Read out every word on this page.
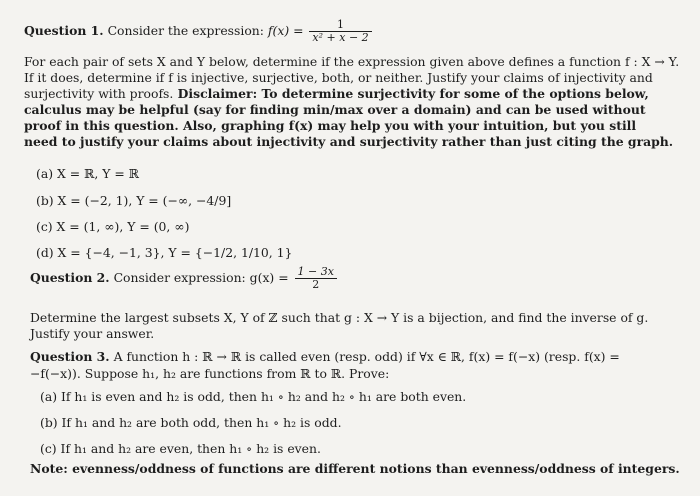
Question 1. Consider the expression: $f(x) = \frac{1}{\text{x² + x − 2}}$
For each pair of sets X and Y below, determine if the expression given above defines a function f : X → Y.
If it does, determine if f is injective, surjective, both, or neither. Justify your claims of injectivity and
surjectivity with proofs. Disclaimer: To determine surjectivity for some of the options below,
calculus may be helpful (say for finding min/max over a domain) and can be used without
proof in this question. Also, graphing f(x) may help you with your intuition, but you still
need to justify your claims about injectivity and surjectivity rather than just citing the graph.
(a) X = ℝ, Y = ℝ
(b) X = (−2, 1), Y = (−∞, −4/9]
(c) X = (1, ∞), Y = (0, ∞)
(d) X = {−4, −1, 3}, Y = {−1/2, 1/10, 1}
Question 2. Consider expression: $g(x) = \frac{1 - 3x}{2}$
Determine the largest subsets X, Y of ℤ such that g : X → Y is a bijection, and find the inverse of g.
Justify your answer.
Question 3. A function h : ℝ → ℝ is called even (resp. odd) if ∀x ∈ ℝ, f(x) = f(−x) (resp. f(x) =
−f(−x)). Suppose h₁, h₂ are functions from ℝ to ℝ. Prove:
(a) If h₁ is even and h₂ is odd, then h₁ ∘ h₂ and h₂ ∘ h₁ are both even.
(b) If h₁ and h₂ are both odd, then h₁ ∘ h₂ is odd.
(c) If h₁ and h₂ are even, then h₁ ∘ h₂ is even.
Note: evenness/oddness of functions are different notions than evenness/oddness of integers.
